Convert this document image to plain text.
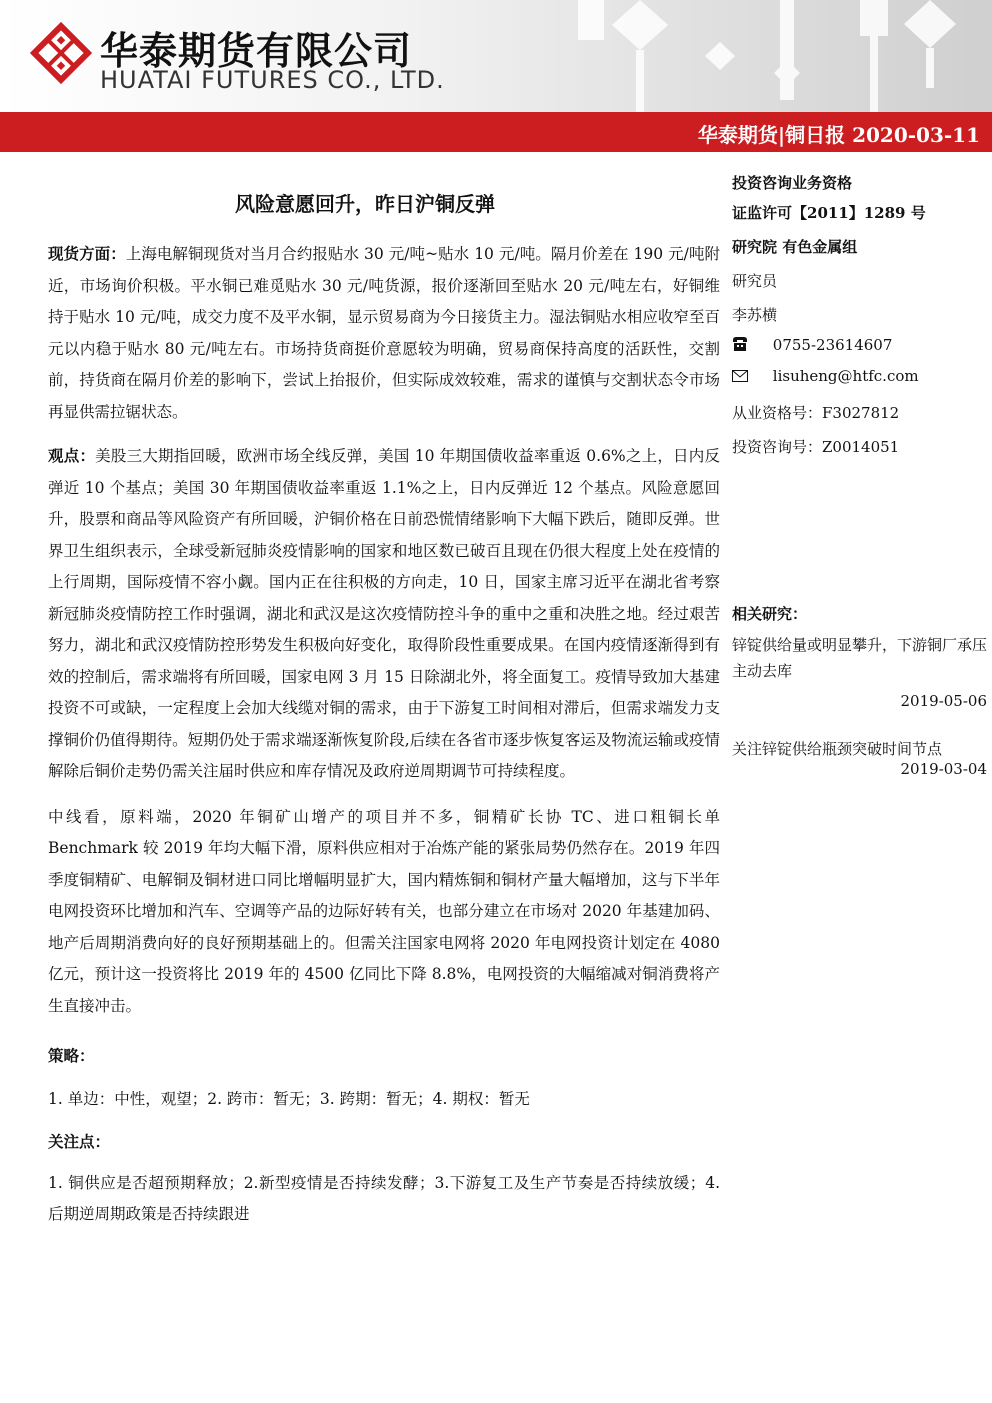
华泰期货有限公司
HUATAI FUTURES CO., LTD.
华泰期货|铜日报 2020-03-11
风险意愿回升，昨日沪铜反弹

现货方面：上海电解铜现货对当月合约报贴水 30 元/吨~贴水 10 元/吨。隔月价差在 190 元/吨附近，市场询价积极。平水铜已难觅贴水 30 元/吨货源，报价逐渐回至贴水 20 元/吨左右，好铜维持于贴水 10 元/吨，成交力度不及平水铜，显示贸易商为今日接货主力。湿法铜贴水相应收窄至百元以内稳于贴水 80 元/吨左右。市场持货商挺价意愿较为明确，贸易商保持高度的活跃性，交割前，持货商在隔月价差的影响下，尝试上抬报价，但实际成效较难，需求的谨慎与交割状态令市场再显供需拉锯状态。

观点：美股三大期指回暖，欧洲市场全线反弹，美国 10 年期国债收益率重返 0.6%之上，日内反弹近 10 个基点；美国 30 年期国债收益率重返 1.1%之上，日内反弹近 12 个基点。风险意愿回升，股票和商品等风险资产有所回暖，沪铜价格在日前恐慌情绪影响下大幅下跌后，随即反弹。世界卫生组织表示，全球受新冠肺炎疫情影响的国家和地区数已破百且现在仍很大程度上处在疫情的上行周期，国际疫情不容小觑。国内正在往积极的方向走，10 日，国家主席习近平在湖北省考察新冠肺炎疫情防控工作时强调，湖北和武汉是这次疫情防控斗争的重中之重和决胜之地。经过艰苦努力，湖北和武汉疫情防控形势发生积极向好变化，取得阶段性重要成果。在国内疫情逐渐得到有效的控制后，需求端将有所回暖，国家电网 3 月 15 日除湖北外，将全面复工。疫情导致加大基建投资不可或缺，一定程度上会加大线缆对铜的需求，由于下游复工时间相对滞后，但需求端发力支撑铜价仍值得期待。短期仍处于需求端逐渐恢复阶段,后续在各省市逐步恢复客运及物流运输或疫情解除后铜价走势仍需关注届时供应和库存情况及政府逆周期调节可持续程度。

中线看，原料端，2020 年铜矿山增产的项目并不多，铜精矿长协 TC、进口粗铜长单 Benchmark 较 2019 年均大幅下滑，原料供应相对于冶炼产能的紧张局势仍然存在。2019 年四季度铜精矿、电解铜及铜材进口同比增幅明显扩大，国内精炼铜和铜材产量大幅增加，这与下半年电网投资环比增加和汽车、空调等产品的边际好转有关，也部分建立在市场对 2020 年基建加码、地产后周期消费向好的良好预期基础上的。但需关注国家电网将 2020 年电网投资计划定在 4080 亿元，预计这一投资将比 2019 年的 4500 亿同比下降 8.8%，电网投资的大幅缩减对铜消费将产生直接冲击。

策略：

1. 单边：中性，观望；2. 跨市：暂无；3. 跨期：暂无；4. 期权：暂无

关注点：

1. 铜供应是否超预期释放；2.新型疫情是否持续发酵；3.下游复工及生产节奏是否持续放缓；4. 后期逆周期政策是否持续跟进

投资咨询业务资格
证监许可【2011】1289 号
研究院 有色金属组
研究员
李苏横
0755-23614607
lisuheng@htfc.com
从业资格号：F3027812
投资咨询号：Z0014051
相关研究：
锌锭供给量或明显攀升，下游铜厂承压主动去库
2019-05-06
关注锌锭供给瓶颈突破时间节点
2019-03-04
